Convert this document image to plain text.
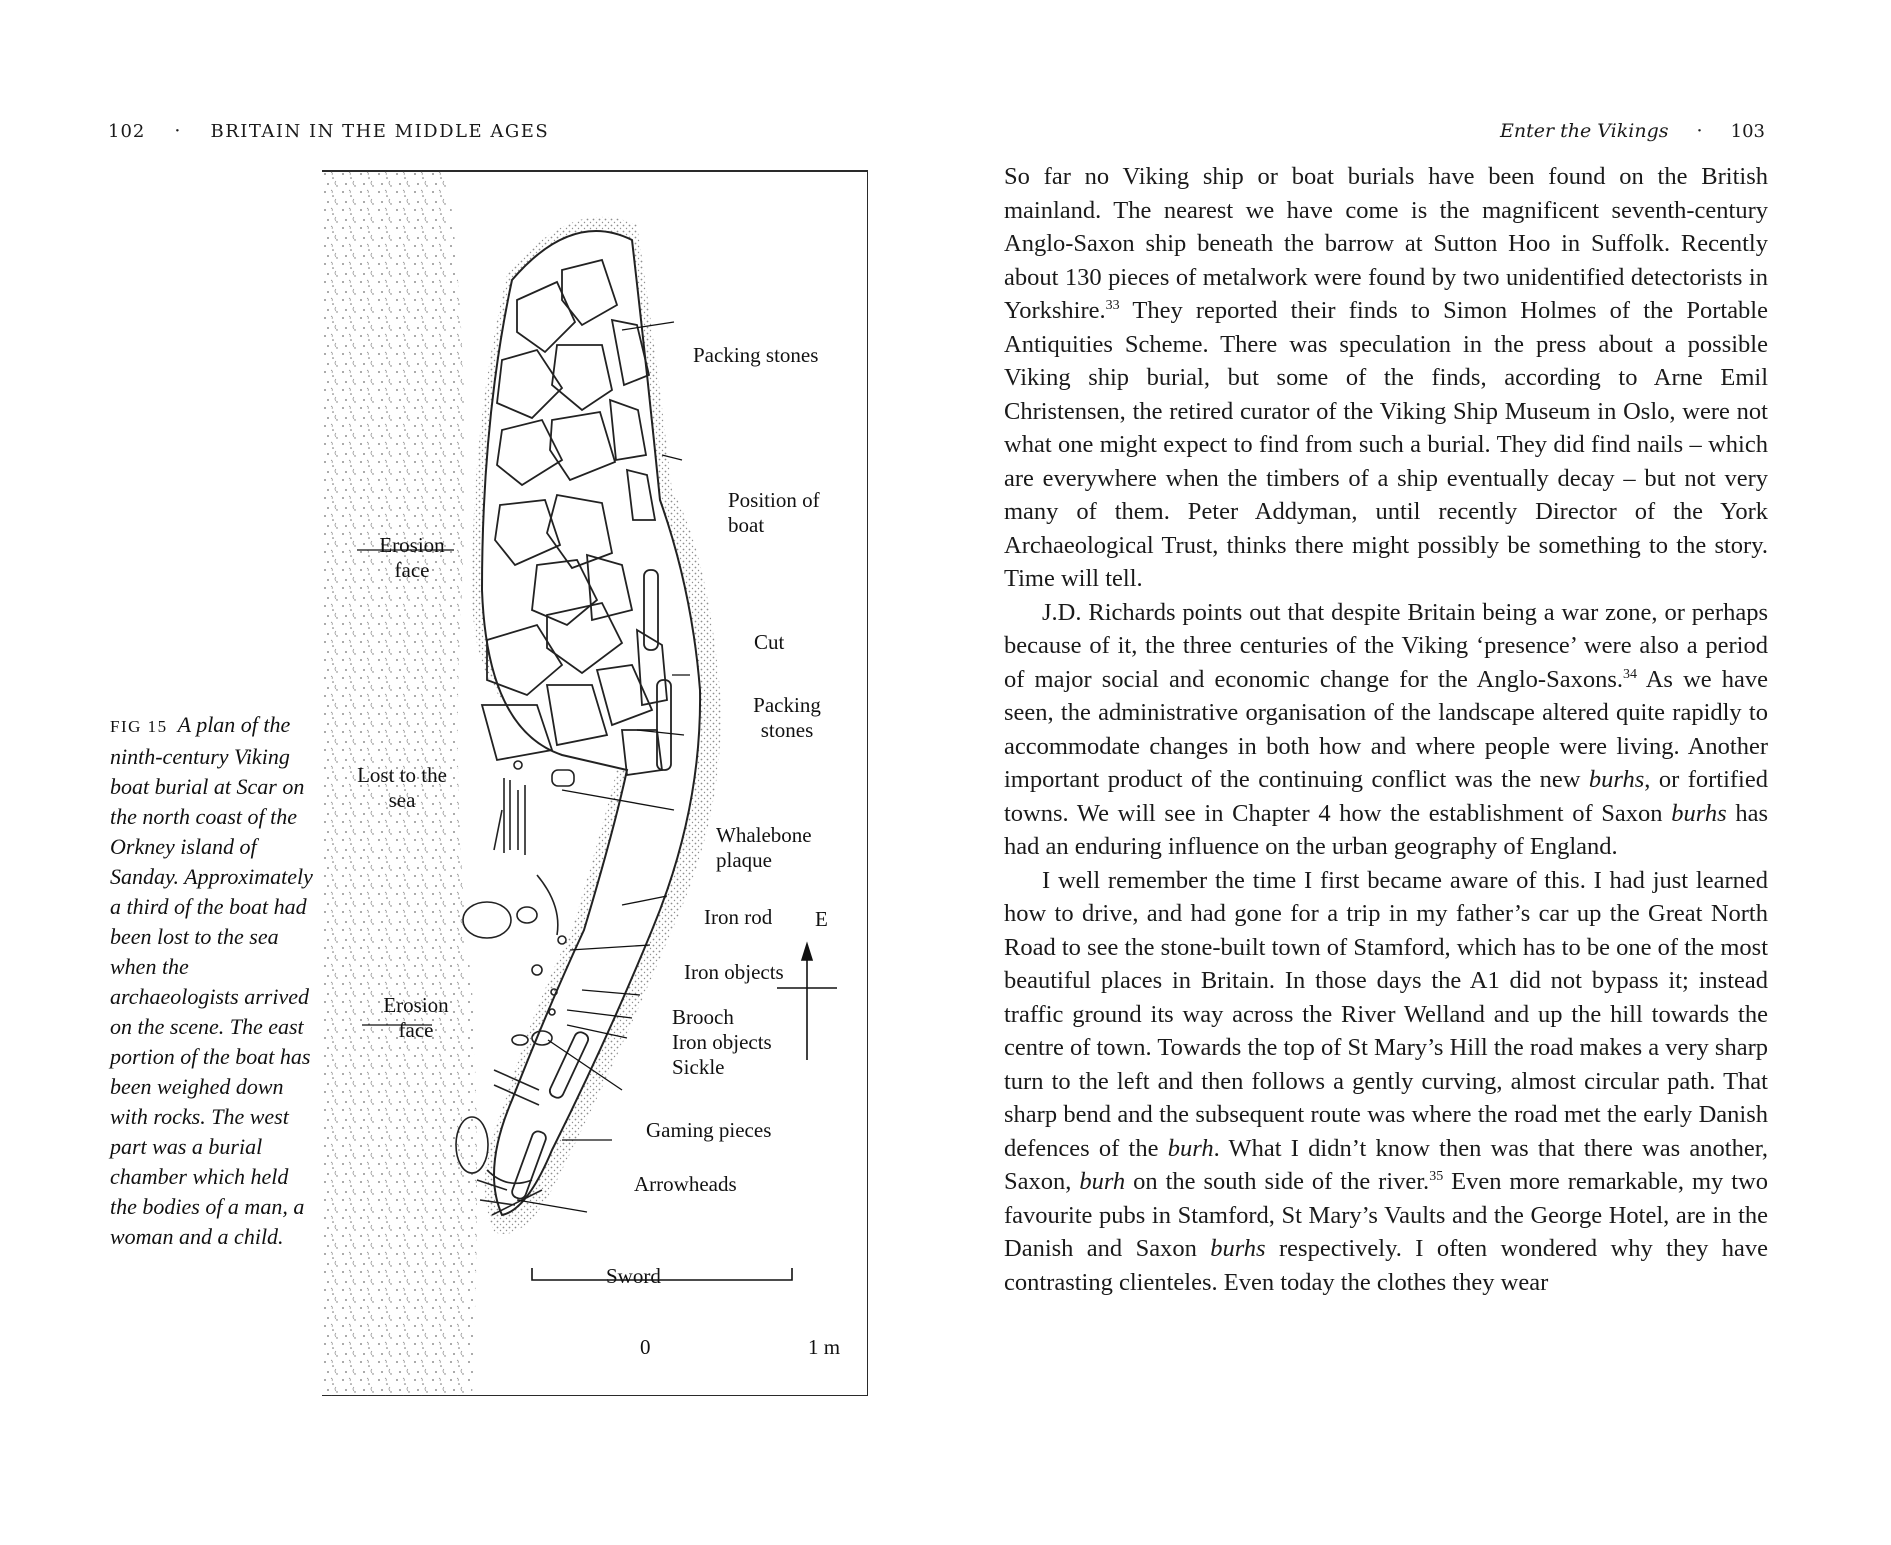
102 · BRITAIN IN THE MIDDLE AGES	Enter the Vikings · 103
Packing stones
Position of boat
Erosion face
Cut
Packing stones
Lost to the sea
Whalebone plaque
Iron rod E
Iron objects
Erosion face
Brooch
Iron objects
Sickle
Gaming pieces
Arrowheads
Sword
0	1 m
FIG 15 A plan of the ninth-century Viking boat burial at Scar on the north coast of the Orkney island of Sanday. Approximately a third of the boat had been lost to the sea when the archaeologists arrived on the scene. The east portion of the boat has been weighed down with rocks. The west part was a burial chamber which held the bodies of a man, a woman and a child.

So far no Viking ship or boat burials have been found on the British mainland. The nearest we have come is the magnificent seventh-century Anglo-Saxon ship beneath the barrow at Sutton Hoo in Suffolk. Recently about 130 pieces of metalwork were found by two unidentified detectorists in Yorkshire.$^{33}$ They reported their finds to Simon Holmes of the Portable Antiquities Scheme. There was speculation in the press about a possible Viking ship burial, but some of the finds, according to Arne Emil Christensen, the retired curator of the Viking Ship Museum in Oslo, were not what one might expect to find from such a burial. They did find nails – which are everywhere when the timbers of a ship eventually decay – but not very many of them. Peter Addyman, until recently Director of the York Archaeological Trust, thinks there might possibly be something to the story. Time will tell.

J.D. Richards points out that despite Britain being a war zone, or perhaps because of it, the three centuries of the Viking ‘presence’ were also a period of major social and economic change for the Anglo-Saxons.$^{34}$ As we have seen, the administrative organisation of the landscape altered quite rapidly to accommodate changes in both how and where people were living. Another important product of the continuing conflict was the new burhs, or fortified towns. We will see in Chapter 4 how the establishment of Saxon burhs has had an enduring influence on the urban geography of England.

I well remember the time I first became aware of this. I had just learned how to drive, and had gone for a trip in my father’s car up the Great North Road to see the stone-built town of Stamford, which has to be one of the most beautiful places in Britain. In those days the A1 did not bypass it; instead traffic ground its way across the River Welland and up the hill towards the centre of town. Towards the top of St Mary’s Hill the road makes a very sharp turn to the left and then follows a gently curving, almost circular path. That sharp bend and the subsequent route was where the road met the early Danish defences of the burh. What I didn’t know then was that there was another, Saxon, burh on the south side of the river.$^{35}$ Even more remarkable, my two favourite pubs in Stamford, St Mary’s Vaults and the George Hotel, are in the Danish and Saxon burhs respectively. I often wondered why they have contrasting clienteles. Even today the clothes they wear
